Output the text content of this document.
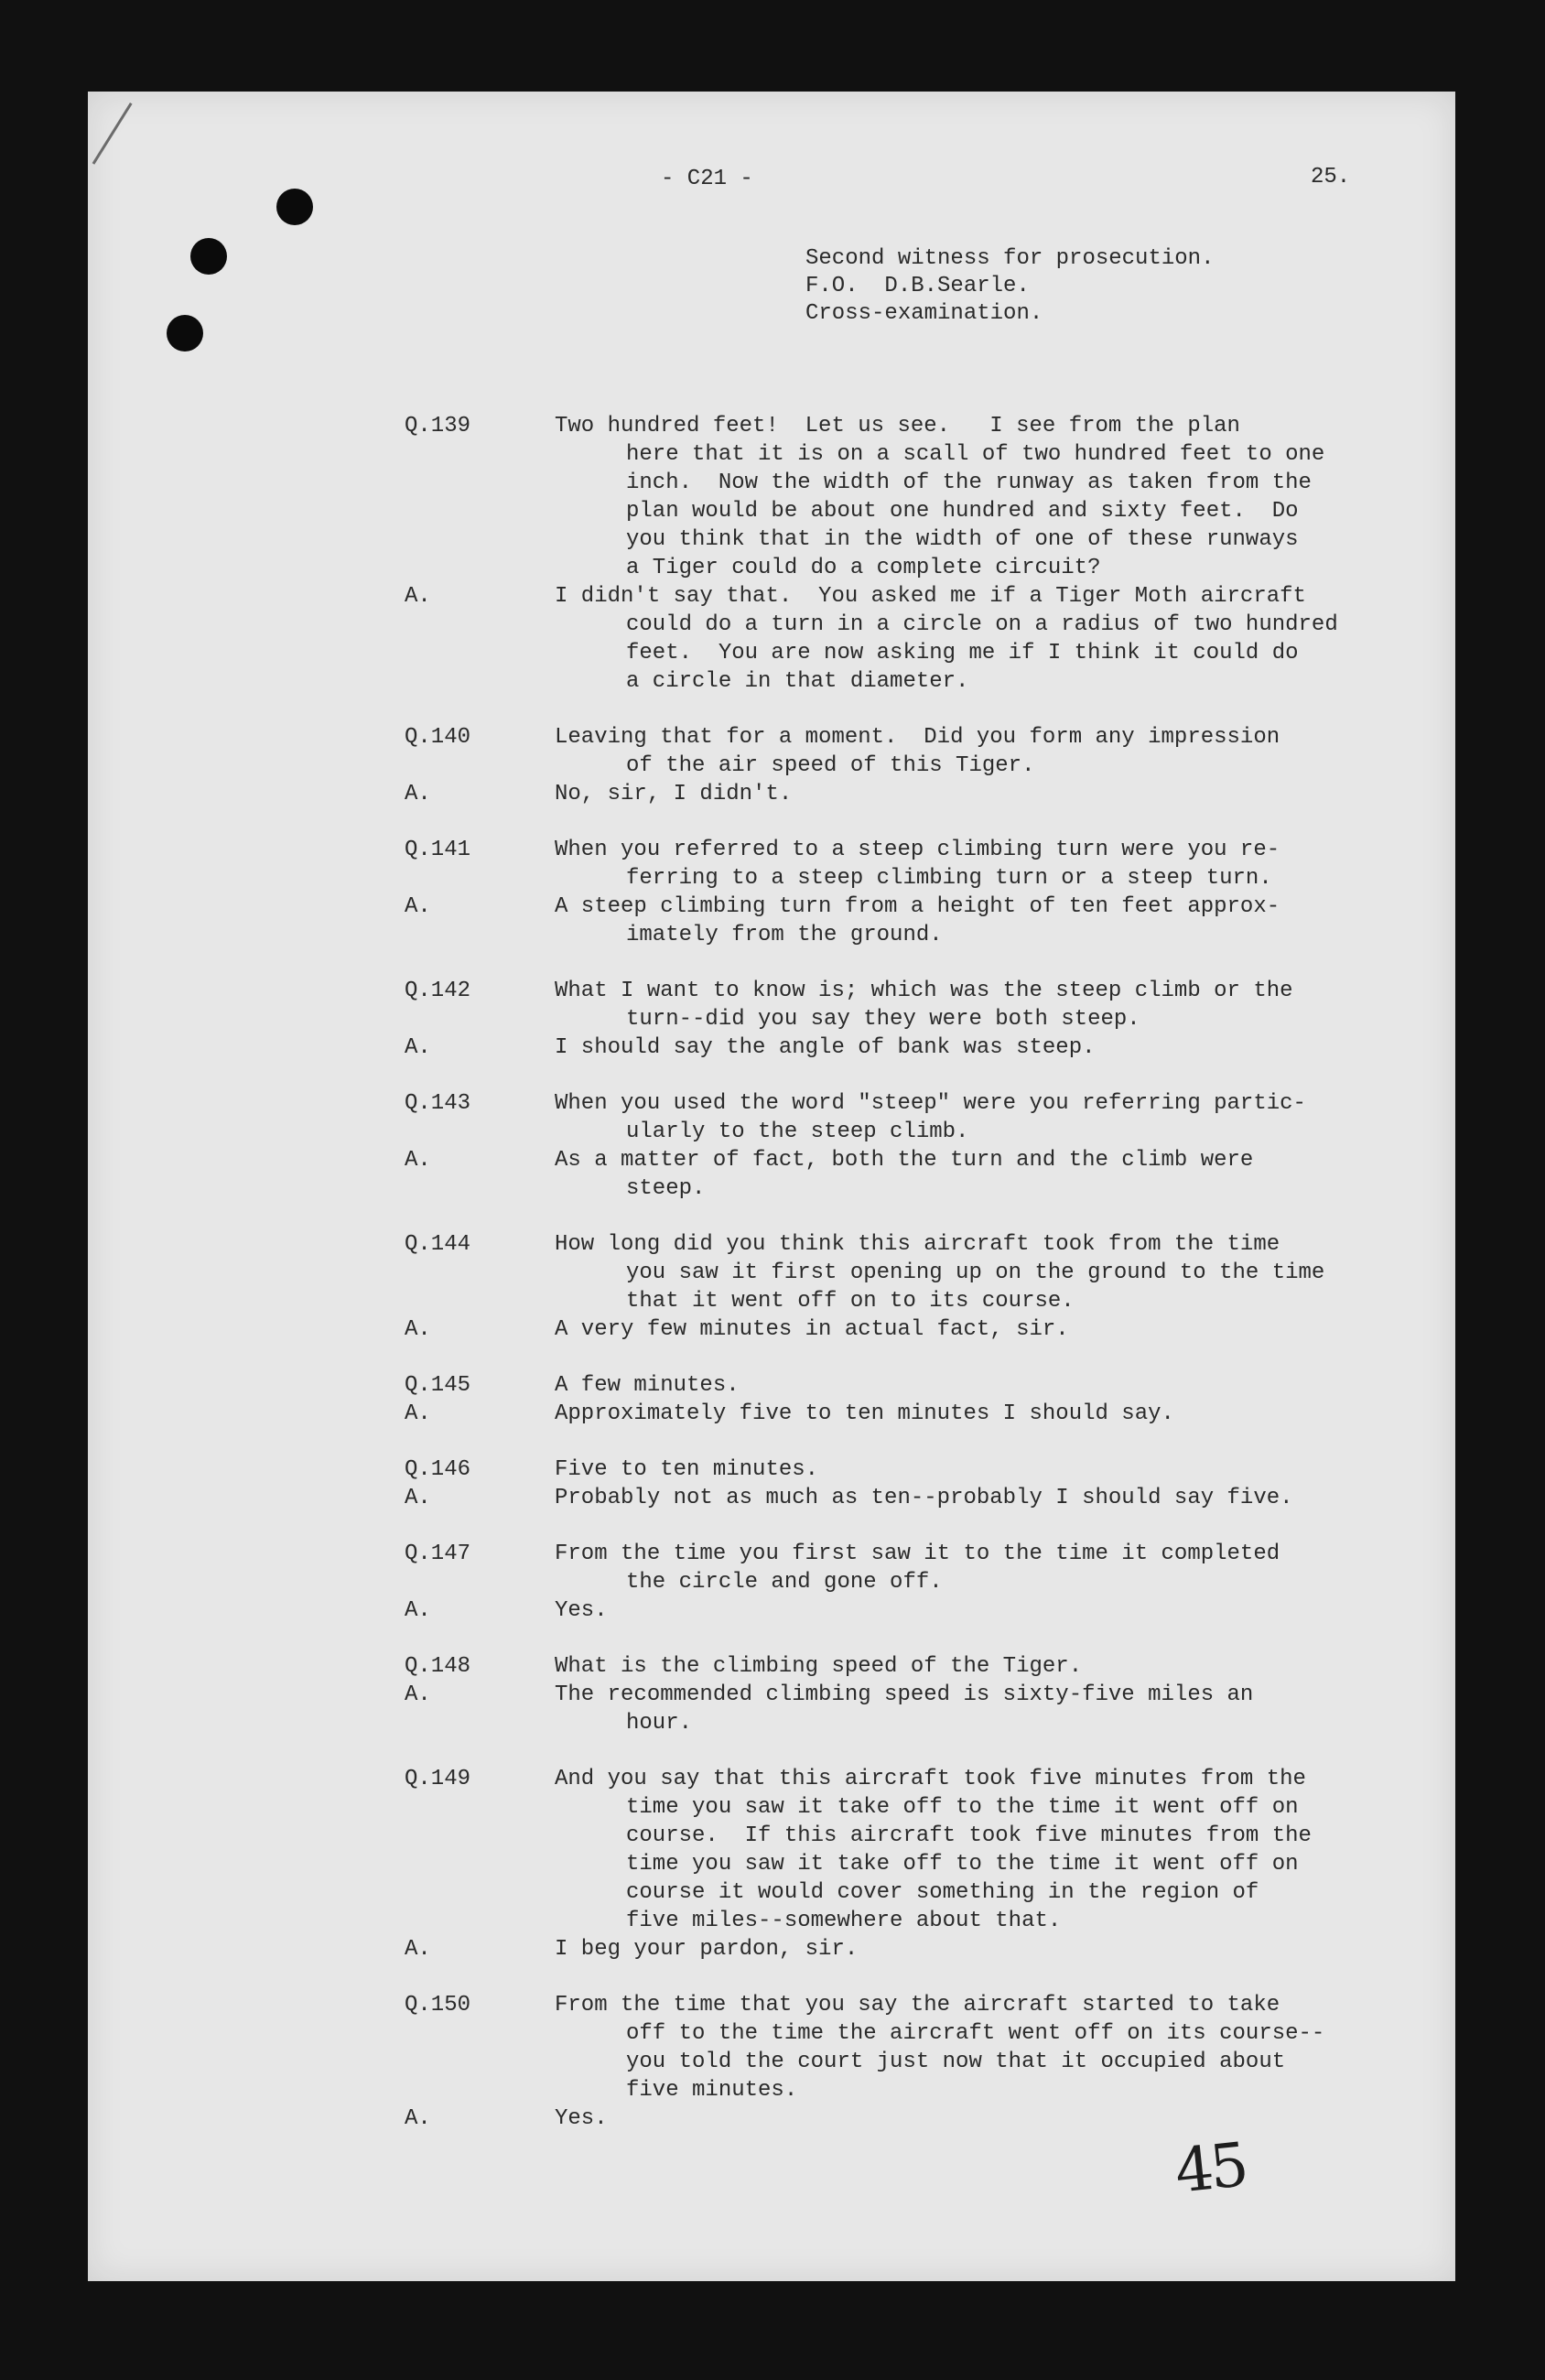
- C21 -	25.
Second witness for prosecution.
F.O.  D.B.Searle.
Cross-examination.
Q.139	Two hundred feet!  Let us see.   I see from the plan
here that it is on a scall of two hundred feet to one
inch.  Now the width of the runway as taken from the
plan would be about one hundred and sixty feet.  Do
you think that in the width of one of these runways
a Tiger could do a complete circuit?
A.	I didn't say that.  You asked me if a Tiger Moth aircraft
could do a turn in a circle on a radius of two hundred
feet.  You are now asking me if I think it could do
a circle in that diameter.
Q.140	Leaving that for a moment.  Did you form any impression
of the air speed of this Tiger.
A.	No, sir, I didn't.
Q.141	When you referred to a steep climbing turn were you re-
ferring to a steep climbing turn or a steep turn.
A.	A steep climbing turn from a height of ten feet approx-
imately from the ground.
Q.142	What I want to know is; which was the steep climb or the
turn--did you say they were both steep.
A.	I should say the angle of bank was steep.
Q.143	When you used the word "steep" were you referring partic-
ularly to the steep climb.
A.	As a matter of fact, both the turn and the climb were
steep.
Q.144	How long did you think this aircraft took from the time
you saw it first opening up on the ground to the time
that it went off on to its course.
A.	A very few minutes in actual fact, sir.
Q.145	A few minutes.
A.	Approximately five to ten minutes I should say.
Q.146	Five to ten minutes.
A.	Probably not as much as ten--probably I should say five.
Q.147	From the time you first saw it to the time it completed
the circle and gone off.
A.	Yes.
Q.148	What is the climbing speed of the Tiger.
A.	The recommended climbing speed is sixty-five miles an
hour.
Q.149	And you say that this aircraft took five minutes from the
time you saw it take off to the time it went off on
course.  If this aircraft took five minutes from the
time you saw it take off to the time it went off on
course it would cover something in the region of
five miles--somewhere about that.
A.	I beg your pardon, sir.
Q.150	From the time that you say the aircraft started to take
off to the time the aircraft went off on its course--
you told the court just now that it occupied about
five minutes.
A.	Yes.
45
